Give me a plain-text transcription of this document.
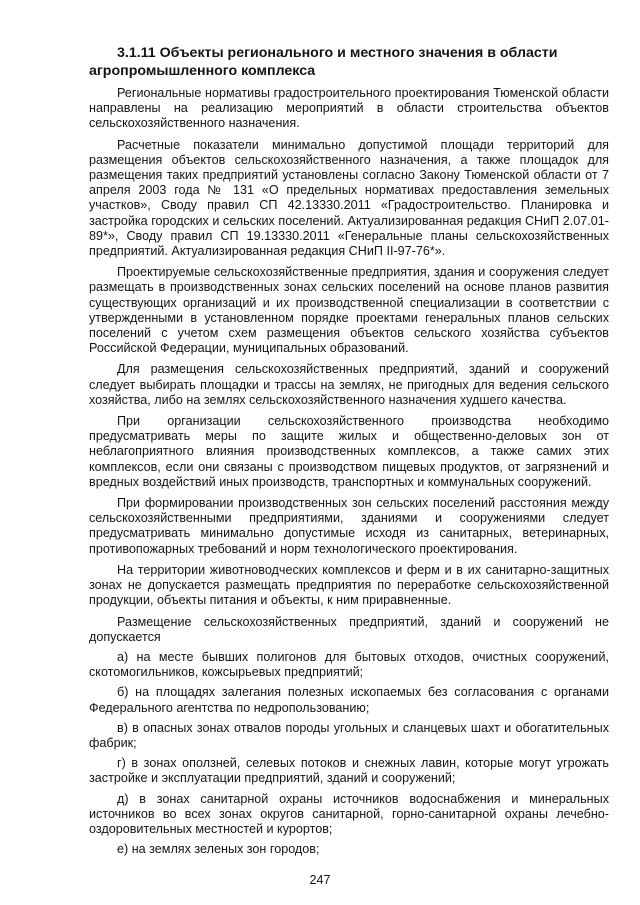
3.1.11 Объекты регионального и местного значения в области агропромышленного комплекса

Региональные нормативы градостроительного проектирования Тюменской области направлены на реализацию мероприятий в области строительства объектов сельскохозяйственного назначения.

Расчетные показатели минимально допустимой площади территорий для размещения объектов сельскохозяйственного назначения, а также площадок для размещения таких предприятий установлены согласно Закону Тюменской области от 7 апреля 2003 года № 131 «О предельных нормативах предоставления земельных участков», Своду правил СП 42.13330.2011 «Градостроительство. Планировка и застройка городских и сельских поселений. Актуализированная редакция СНиП 2.07.01-89*», Своду правил СП 19.13330.2011 «Генеральные планы сельскохозяйственных предприятий. Актуализированная редакция СНиП II-97-76*».

Проектируемые сельскохозяйственные предприятия, здания и сооружения следует размещать в производственных зонах сельских поселений на основе планов развития существующих организаций и их производственной специализации в соответствии с утвержденными в установленном порядке проектами генеральных планов сельских поселений с учетом схем размещения объектов сельского хозяйства субъектов Российской Федерации, муниципальных образований.

Для размещения сельскохозяйственных предприятий, зданий и сооружений следует выбирать площадки и трассы на землях, не пригодных для ведения сельского хозяйства, либо на землях сельскохозяйственного назначения худшего качества.

При организации сельскохозяйственного производства необходимо предусматривать меры по защите жилых и общественно-деловых зон от неблагоприятного влияния производственных комплексов, а также самих этих комплексов, если они связаны с производством пищевых продуктов, от загрязнений и вредных воздействий иных производств, транспортных и коммунальных сооружений.

При формировании производственных зон сельских поселений расстояния между сельскохозяйственными предприятиями, зданиями и сооружениями следует предусматривать минимально допустимые исходя из санитарных, ветеринарных, противопожарных требований и норм технологического проектирования.

На территории животноводческих комплексов и ферм и в их санитарно-защитных зонах не допускается размещать предприятия по переработке сельскохозяйственной продукции, объекты питания и объекты, к ним приравненные.

Размещение сельскохозяйственных предприятий, зданий и сооружений не допускается

а) на месте бывших полигонов для бытовых отходов, очистных сооружений, скотомогильников, кожсырьевых предприятий;

б) на площадях залегания полезных ископаемых без согласования с органами Федерального агентства по недропользованию;

в) в опасных зонах отвалов породы угольных и сланцевых шахт и обогатительных фабрик;

г) в зонах оползней, селевых потоков и снежных лавин, которые могут угрожать застройке и эксплуатации предприятий, зданий и сооружений;

д) в зонах санитарной охраны источников водоснабжения и минеральных источников во всех зонах округов санитарной, горно-санитарной охраны лечебно-оздоровительных местностей и курортов;

е) на землях зеленых зон городов;

247
